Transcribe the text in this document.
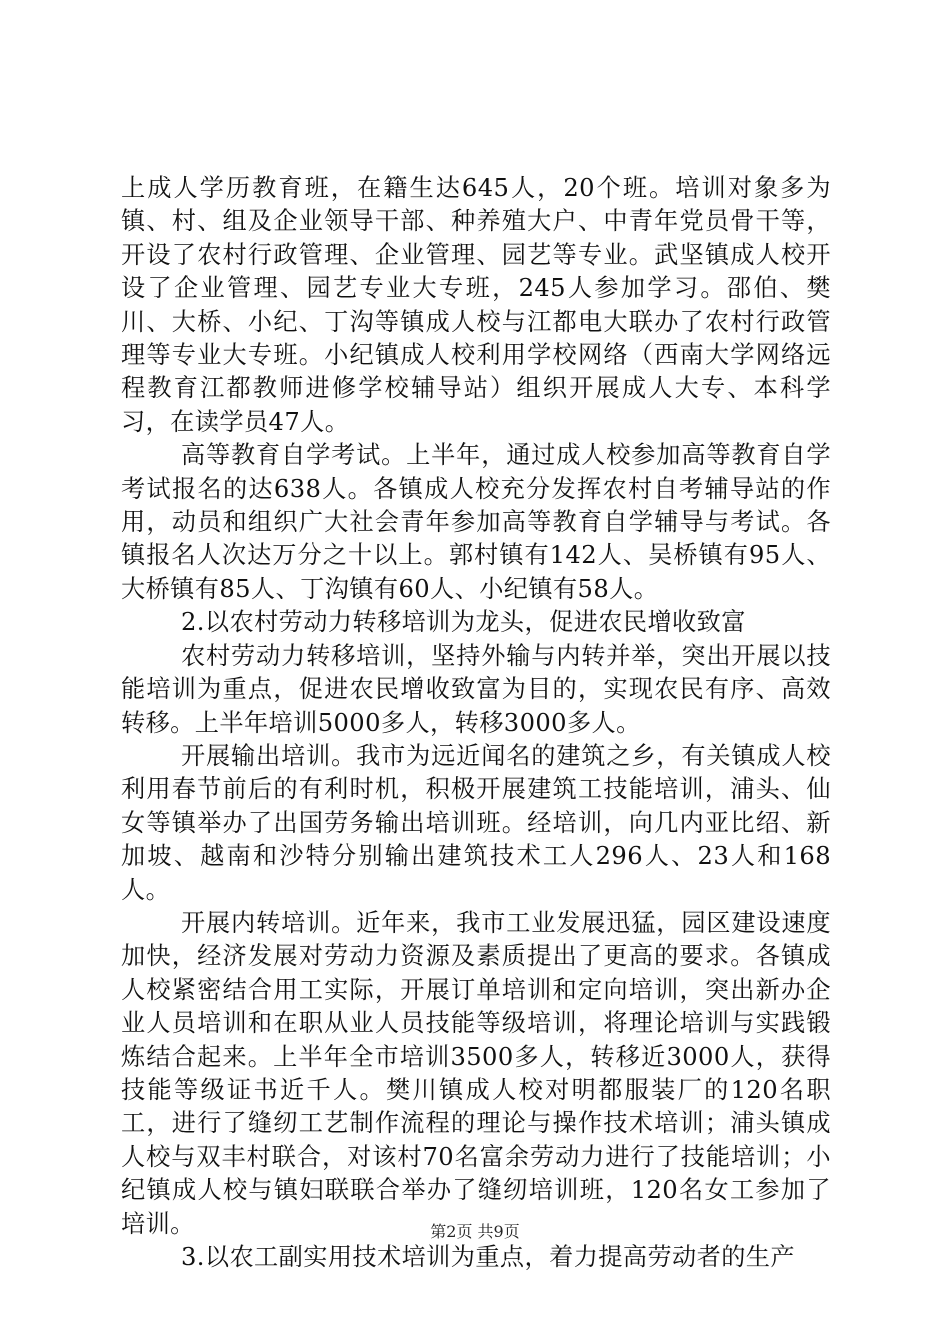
上成人学历教育班，在籍生达645人，20个班。培训对象多为镇、村、组及企业领导干部、种养殖大户、中青年党员骨干等，开设了农村行政管理、企业管理、园艺等专业。武坚镇成人校开设了企业管理、园艺专业大专班，245人参加学习。邵伯、樊川、大桥、小纪、丁沟等镇成人校与江都电大联办了农村行政管理等专业大专班。小纪镇成人校利用学校网络（西南大学网络远程教育江都教师进修学校辅导站）组织开展成人大专、本科学习，在读学员47人。

高等教育自学考试。上半年，通过成人校参加高等教育自学考试报名的达638人。各镇成人校充分发挥农村自考辅导站的作用，动员和组织广大社会青年参加高等教育自学辅导与考试。各镇报名人次达万分之十以上。郭村镇有142人、吴桥镇有95人、大桥镇有85人、丁沟镇有60人、小纪镇有58人。

2.以农村劳动力转移培训为龙头，促进农民增收致富

农村劳动力转移培训，坚持外输与内转并举，突出开展以技能培训为重点，促进农民增收致富为目的，实现农民有序、高效转移。上半年培训5000多人，转移3000多人。

开展输出培训。我市为远近闻名的建筑之乡，有关镇成人校利用春节前后的有利时机，积极开展建筑工技能培训，浦头、仙女等镇举办了出国劳务输出培训班。经培训，向几内亚比绍、新加坡、越南和沙特分别输出建筑技术工人296人、23人和168人。

开展内转培训。近年来，我市工业发展迅猛，园区建设速度加快，经济发展对劳动力资源及素质提出了更高的要求。各镇成人校紧密结合用工实际，开展订单培训和定向培训，突出新办企业人员培训和在职从业人员技能等级培训，将理论培训与实践锻炼结合起来。上半年全市培训3500多人，转移近3000人，获得技能等级证书近千人。樊川镇成人校对明都服装厂的120名职工，进行了缝纫工艺制作流程的理论与操作技术培训；浦头镇成人校与双丰村联合，对该村70名富余劳动力进行了技能培训；小纪镇成人校与镇妇联联合举办了缝纫培训班，120名女工参加了培训。

3.以农工副实用技术培训为重点，着力提高劳动者的生产

第2页 共9页
